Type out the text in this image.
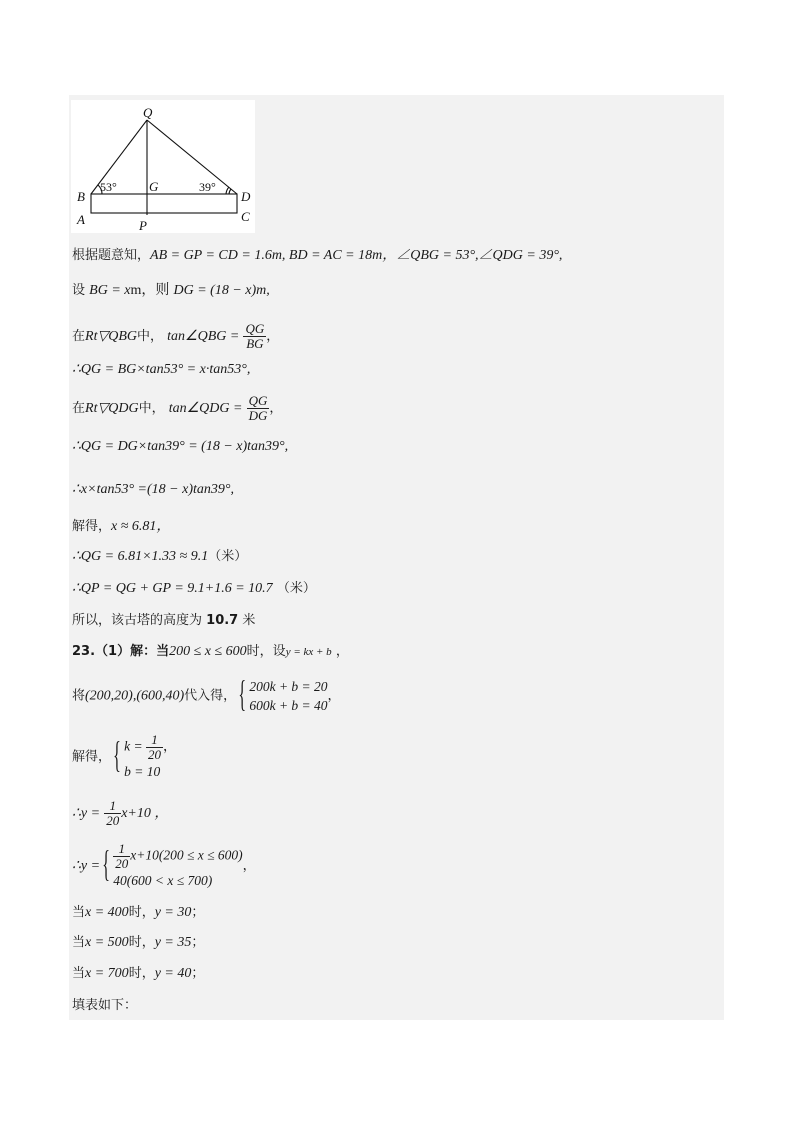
Q
B
53° G	39°
D
A	P
C
根据题意知，AB = GP = CD = 1.6m, BD = AC = 18m，∠QBG = 53°,∠QDG = 39°,
设 BG = xm，则 DG = (18 − x)m,
在Rt▽QBG中， tan∠QBG = $\frac{QG}{BG}$ ，
∴QG = BG×tan53° = x·tan53°,
在Rt▽QDG中， tan∠QDG = $\frac{QG}{DG}$ ，
∴QG = DG×tan39° = (18 − x)tan39°,
∴x×tan53° =(18 − x)tan39°,
解得，x ≈ 6.81，
∴QG = 6.81×1.33 ≈ 9.1（米）
∴QP = QG + GP = 9.1+1.6 = 10.7 （米）
所以，该古塔的高度为 10.7 米
23.（1）解：当200 ≤ x ≤ 600时，设y = kx + b ，
将(200,20),(600,40)代入得，
{ 200k + b = 20
600k + b = 40
，
解得，
{ $k = \frac{1}{20}$ ，
b = 10
∴y = $\frac{1}{20} x+10$ ，
∴y =
{ $\frac{1}{20} x+10(200 \le x \le 600)$
40(600 < x ≤ 700)
，
当x = 400时，y = 30；
当x = 500时，y = 35；
当x = 700时，y = 40；
填表如下：
